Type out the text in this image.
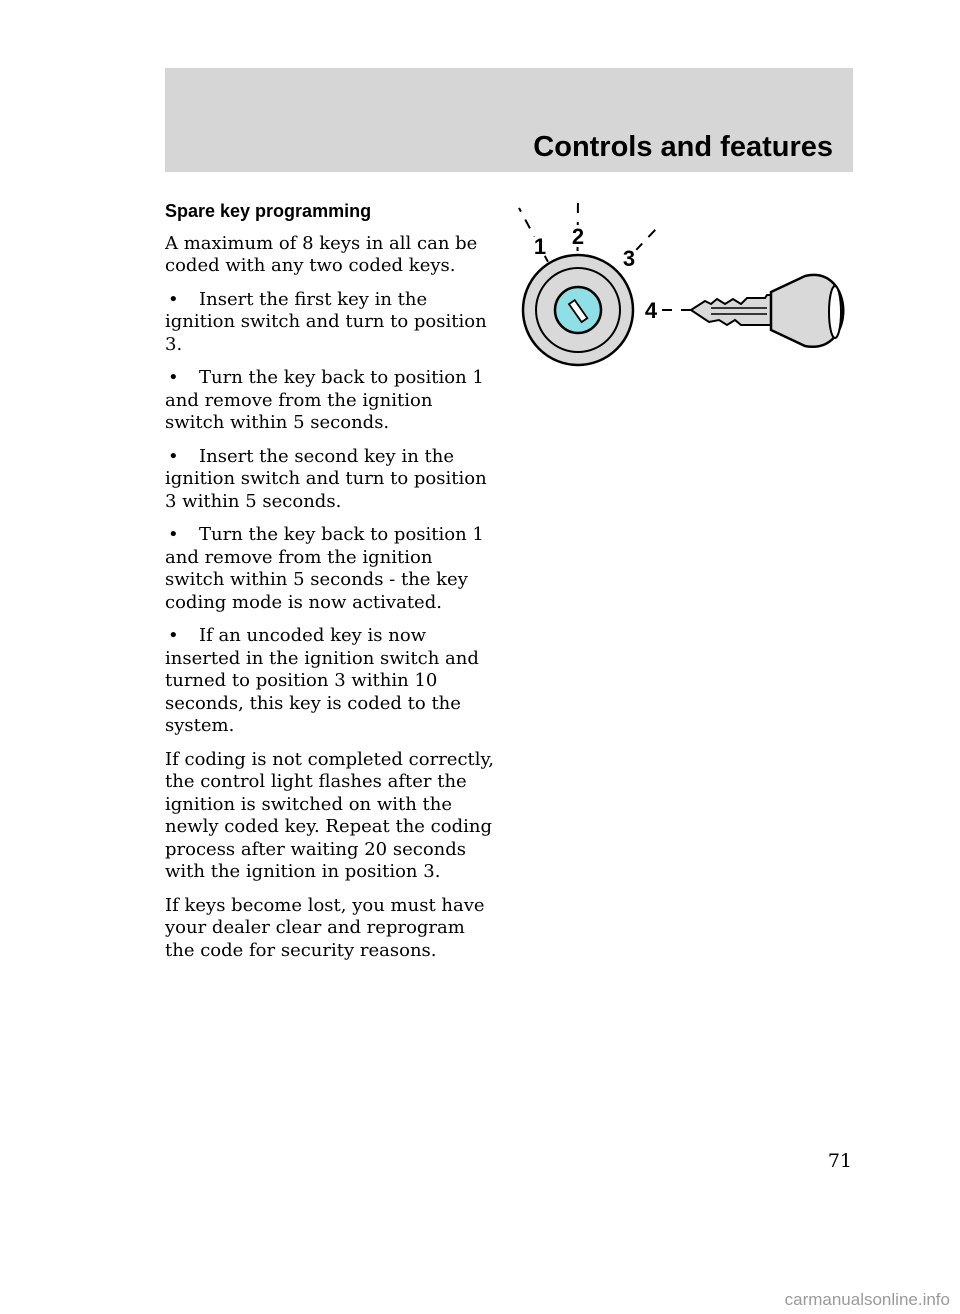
Controls and features
Spare key programming

A maximum of 8 keys in all can be coded with any two coded keys.

• Insert the first key in the ignition switch and turn to position 3.
• Turn the key back to position 1 and remove from the ignition switch within 5 seconds.
• Insert the second key in the ignition switch and turn to position 3 within 5 seconds.
• Turn the key back to position 1 and remove from the ignition switch within 5 seconds - the key coding mode is now activated.
• If an uncoded key is now inserted in the ignition switch and turned to position 3 within 10 seconds, this key is coded to the system.

If coding is not completed correctly, the control light flashes after the ignition is switched on with the newly coded key. Repeat the coding process after waiting 20 seconds with the ignition in position 3.

If keys become lost, you must have your dealer clear and reprogram the code for security reasons.

1 2
3
4
71
carmanualsonline.info
